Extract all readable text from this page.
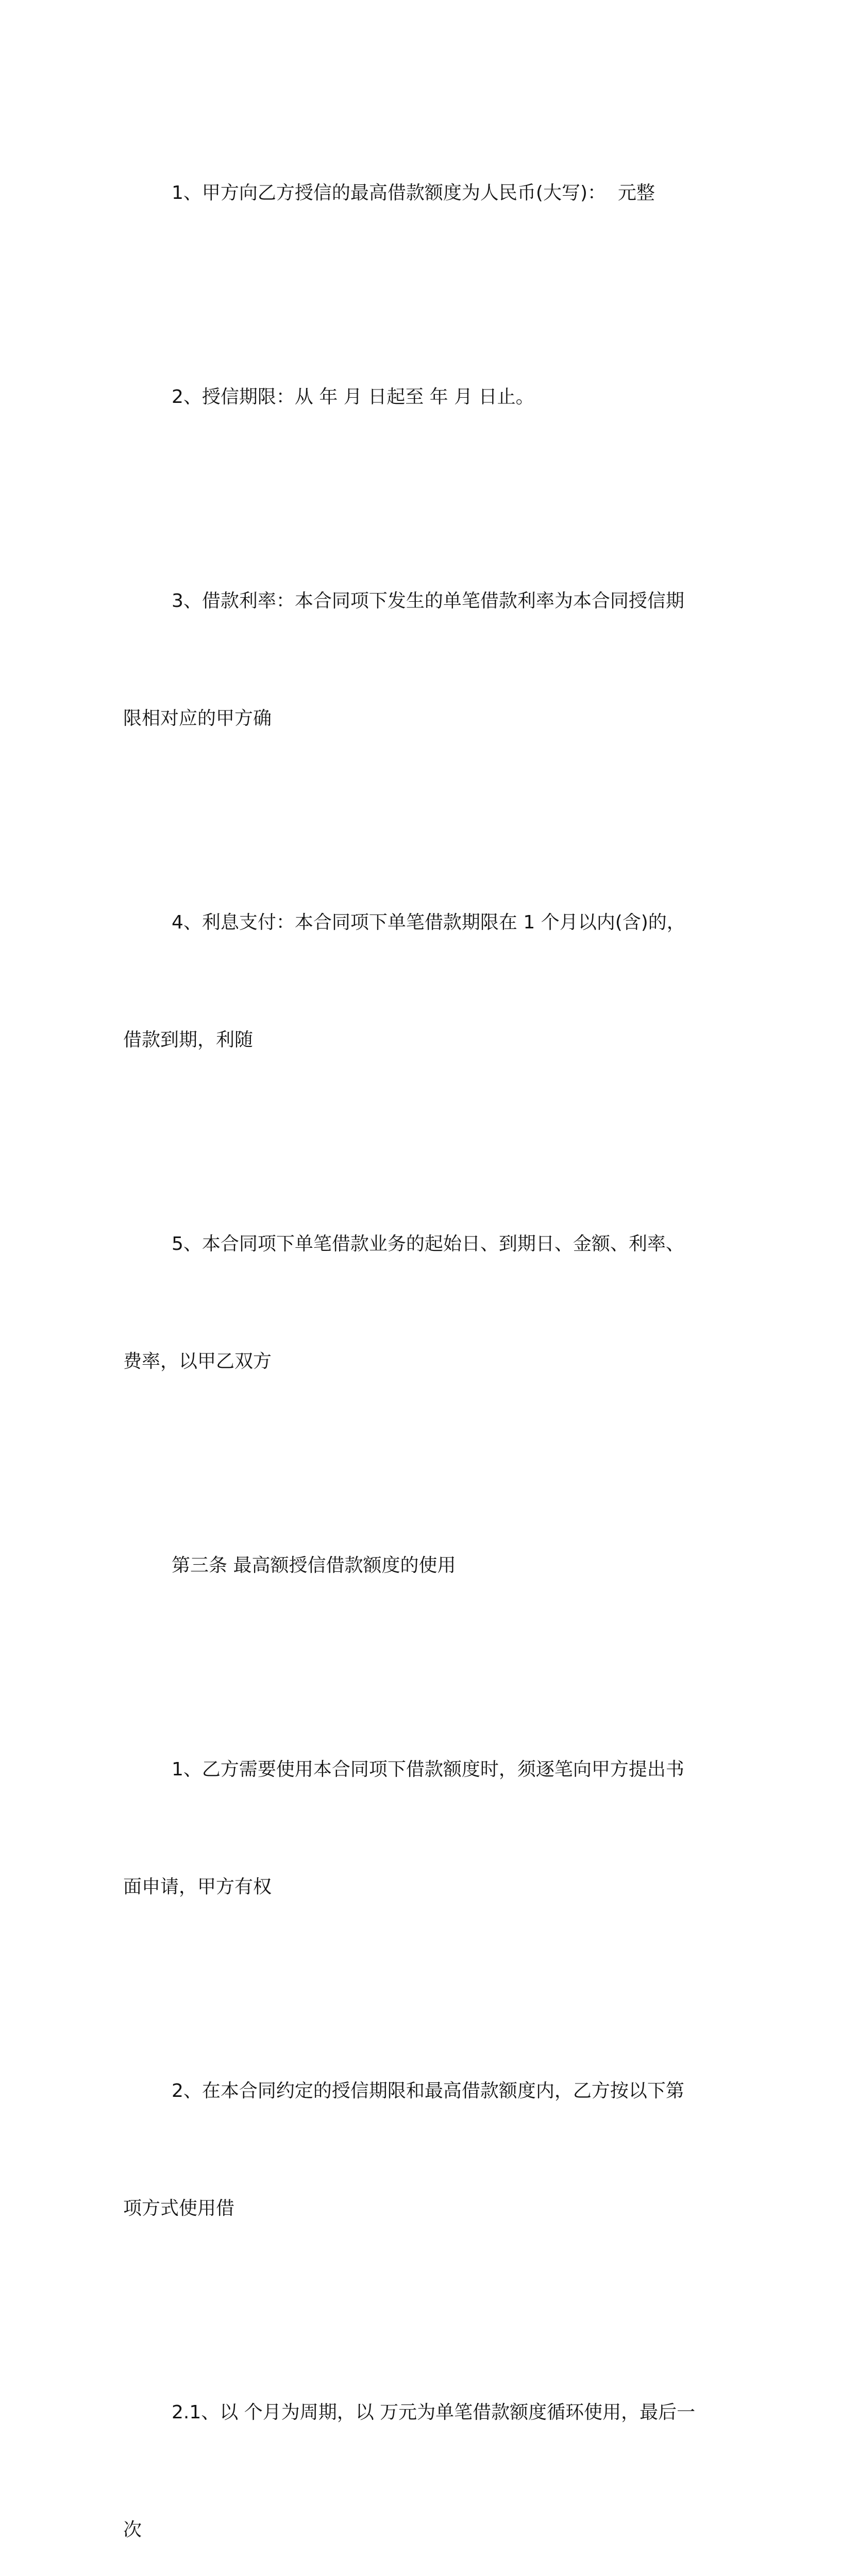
1、甲方向乙方授信的最高借款额度为人民币(大写)：  元整

2、授信期限：从 年 月 日起至 年 月 日止。

3、借款利率：本合同项下发生的单笔借款利率为本合同授信期

限相对应的甲方确

4、利息支付：本合同项下单笔借款期限在 1 个月以内(含)的，

借款到期，利随

5、本合同项下单笔借款业务的起始日、到期日、金额、利率、

费率，以甲乙双方

第三条 最高额授信借款额度的使用

1、乙方需要使用本合同项下借款额度时，须逐笔向甲方提出书

面申请，甲方有权

2、在本合同约定的授信期限和最高借款额度内，乙方按以下第

项方式使用借

2.1、以 个月为周期，以 万元为单笔借款额度循环使用，最后一

次
